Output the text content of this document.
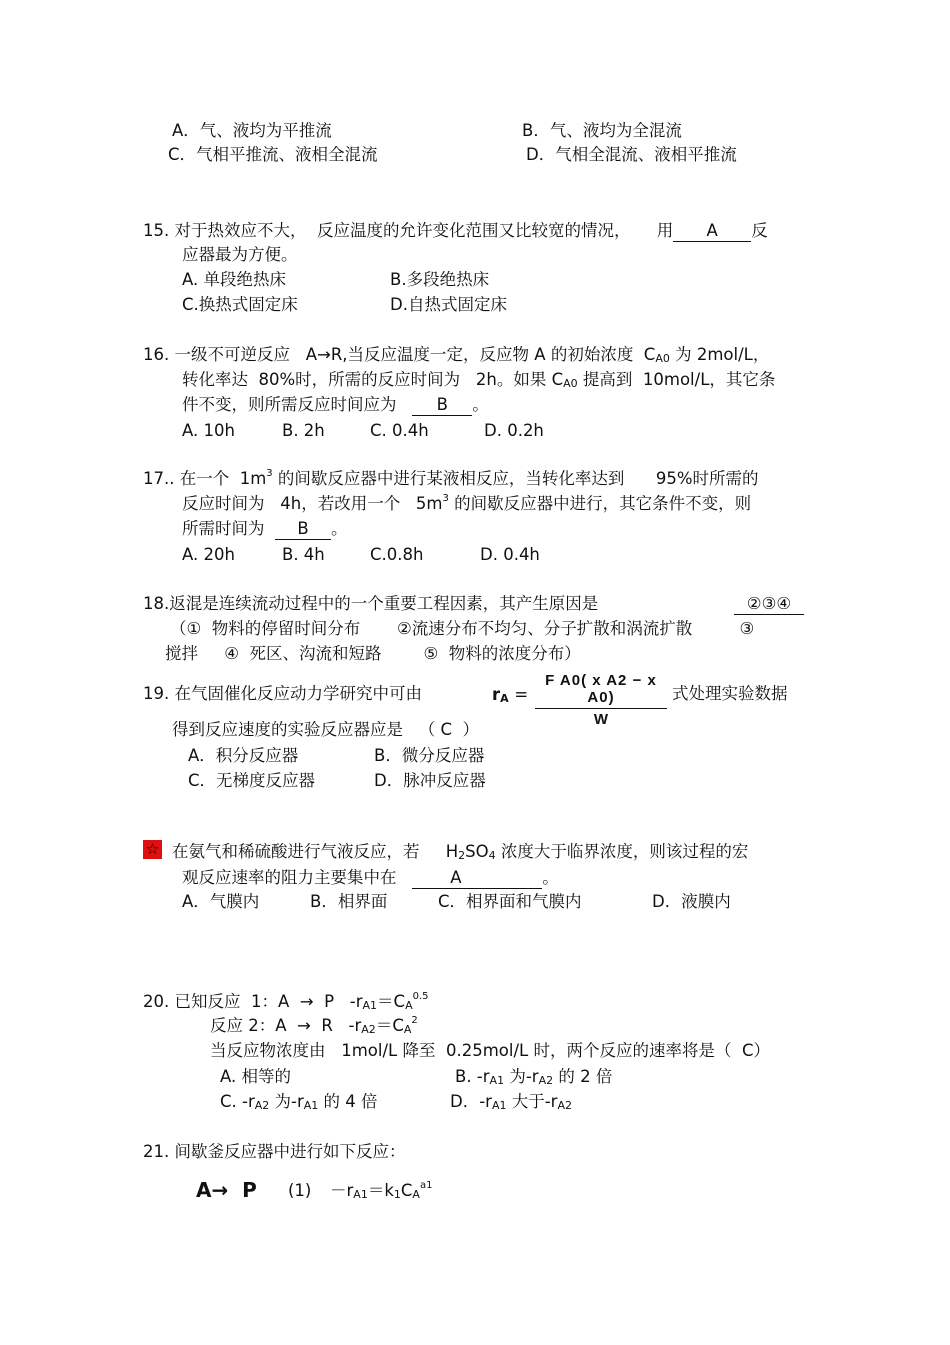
A．气、液均为平推流	B．气、液均为全混流
C．气相平推流、液相全混流	D．气相全混流、液相平推流
15. 对于热效应不大，  反应温度的允许变化范围又比较宽的情况，     用 A 反
应器最为方便。
A. 单段绝热床	B.多段绝热床
C.换热式固定床	D.自热式固定床
16. 一级不可逆反应   A→R,当反应温度一定，反应物 A 的初始浓度  CA0 为 2mol/L，
转化率达  80%时，所需的反应时间为   2h。如果 CA0 提高到  10mol/L，其它条
件不变，则所需反应时间应为   B 。
A. 10h	B. 2h	C. 0.4h	D. 0.2h
17.. 在一个  $1m^3$ 的间歇反应器中进行某液相反应，当转化率达到      95%时所需的
反应时间为   4h，若改用一个   $5m^3$ 的间歇反应器中进行，其它条件不变，则
所需时间为  B 。
A. 20h	B. 4h	C.0.8h	D. 0.4h
18.返混是连续流动过程中的一个重要工程因素，其产生原因是	②③④
（①  物料的停留时间分布       ②流速分布不均匀、分子扩散和涡流扩散         ③
搅拌     ④  死区、沟流和短路        ⑤  物料的浓度分布）
19. 在气固催化反应动力学研究中可由	rA =
F A0( x A2 − x A0)
W
式处理实验数据
得到反应速度的实验反应器应是   （ C  ）
A．积分反应器	B．微分反应器
C．无梯度反应器	D．脉冲反应器
☆ 在氨气和稀硫酸进行气液反应，若     H2SO4 浓度大于临界浓度，则该过程的宏
观反应速率的阻力主要集中在   A	。
A．气膜内	B．相界面	C．相界面和气膜内	D．液膜内
20. 已知反应  1：A  →  P   $-rA1=CA^{0.5}$
反应 2：A  →  R   $-rA2=CA^2$
当反应物浓度由   1mol/L 降至  0.25mol/L 时，两个反应的速率将是（  C）
A. 相等的	B. -rA1 为-rA2 的 2 倍
C. -rA2 为-rA1 的 4 倍	D．-rA1 大于-rA2
21. 间歇釜反应器中进行如下反应：
A→  P $(1) -rA1=k1CA^{a1}$
